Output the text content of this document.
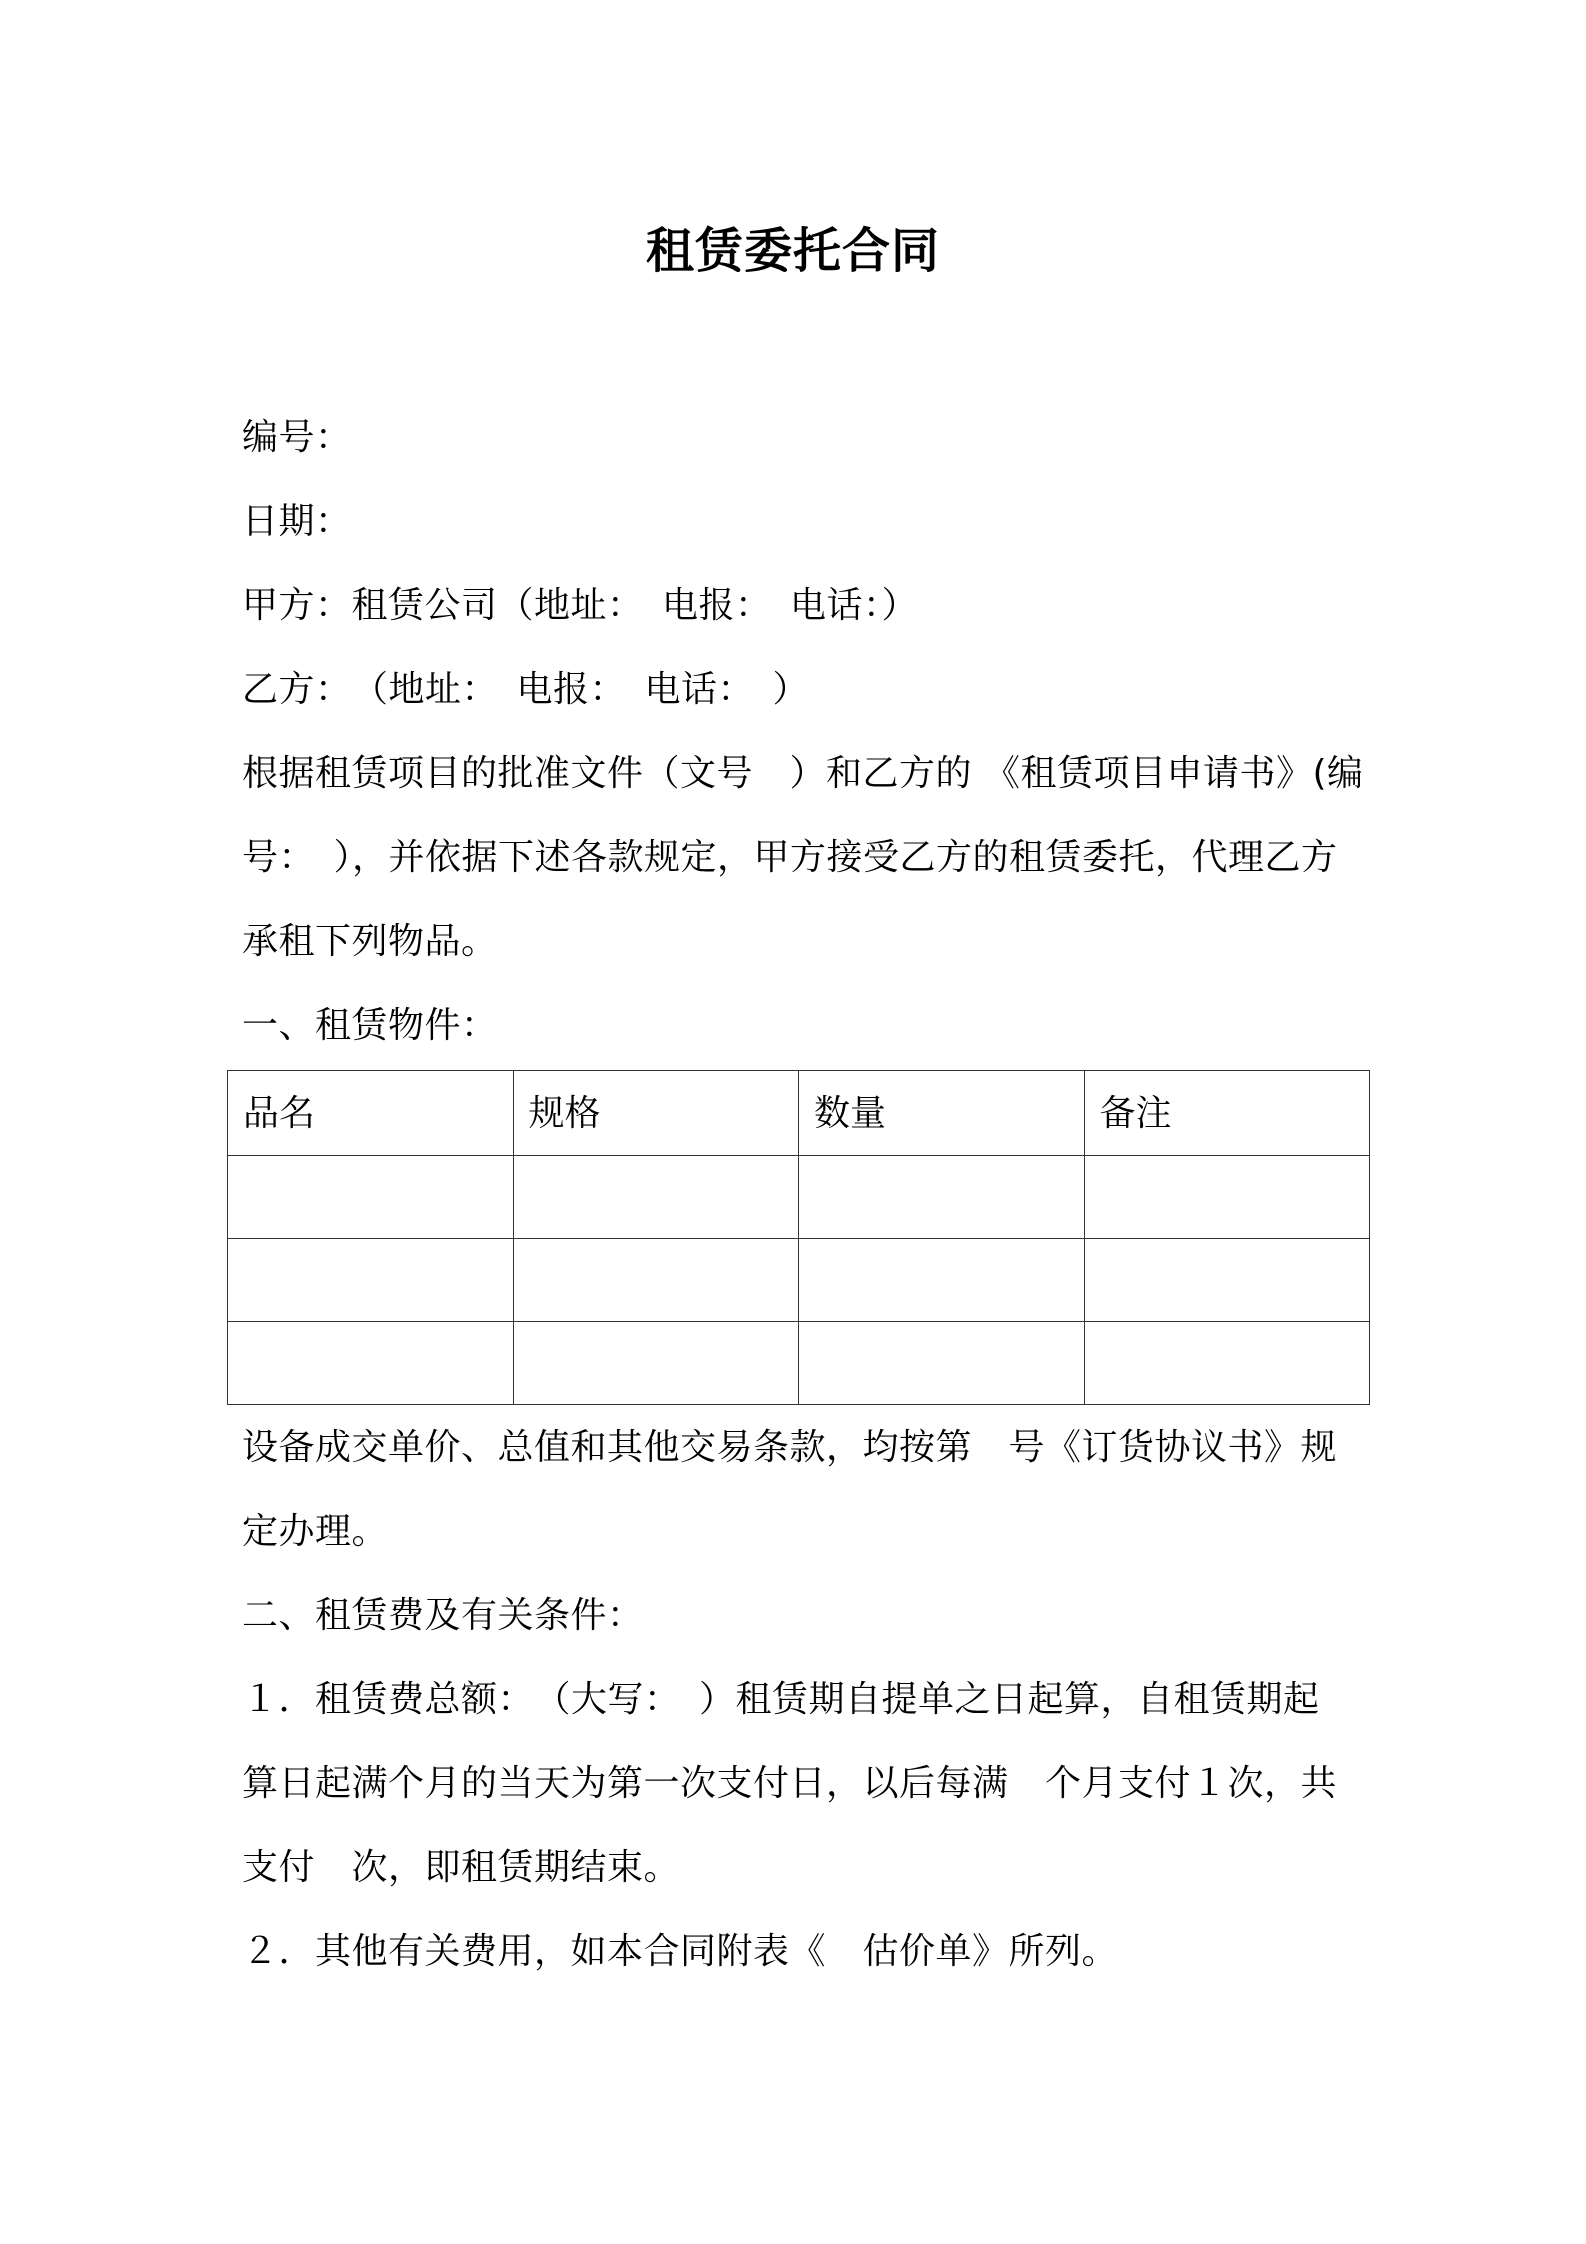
租赁委托合同
编号：
日期：
甲方：租赁公司（地址：　电报：　电话：）
乙方：　（地址：　电报：　电话：　）
根据租赁项目的批准文件（文号　）和乙方的 《租赁项目申请书》(编
号：　），并依据下述各款规定，甲方接受乙方的租赁委托，代理乙方
承租下列物品。
一、租赁物件：
品名	规格	数量	备注

设备成交单价、总值和其他交易条款，均按第　号《订货协议书》规
定办理。
二、租赁费及有关条件：
１．租赁费总额：　（大写：　）租赁期自提单之日起算，自租赁期起
算日起满个月的当天为第一次支付日，以后每满　个月支付１次，共
支付　次，即租赁期结束。
２．其他有关费用，如本合同附表《　估价单》所列。
